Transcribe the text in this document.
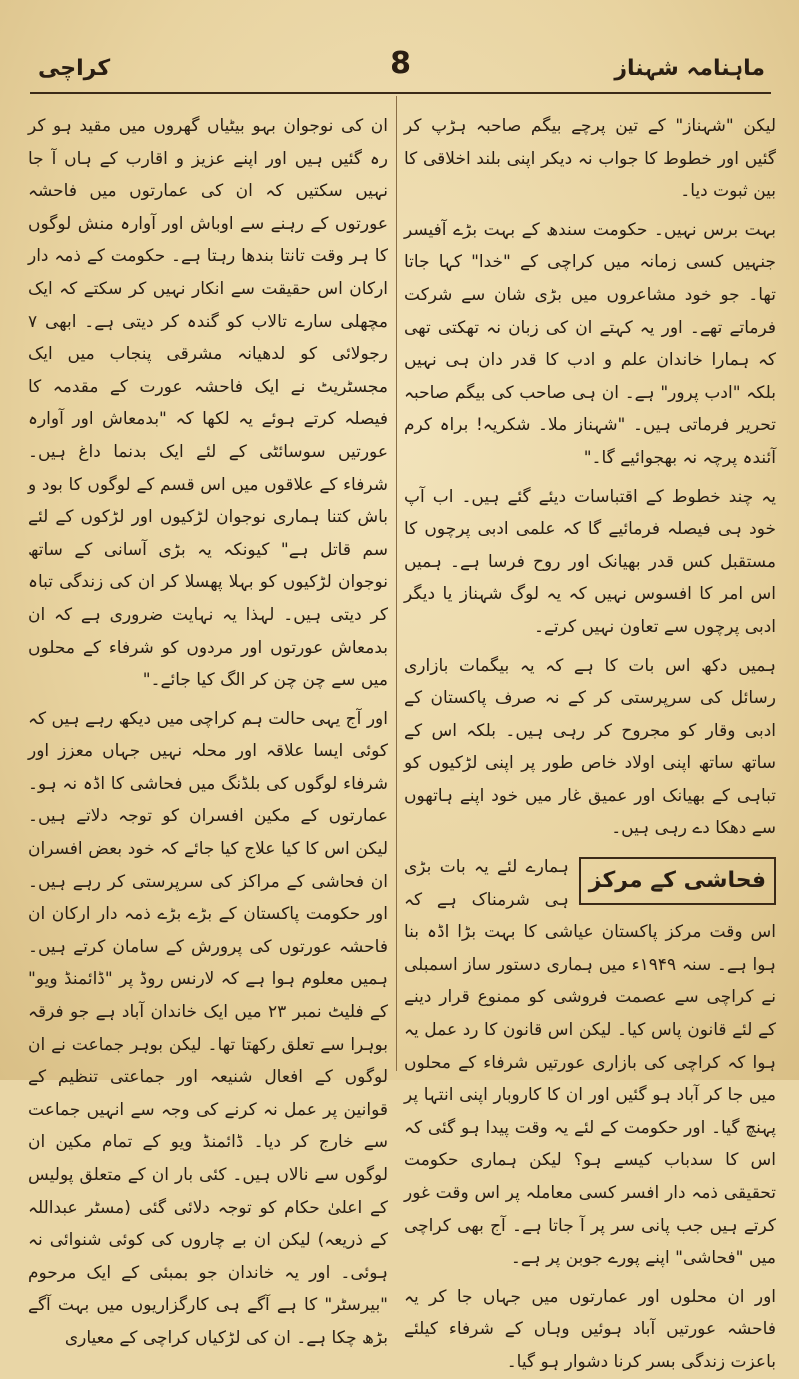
ماہنامہ شہناز
8
کراچی

لیکن "شہناز" کے تین پرچے بیگم صاحبہ ہڑپ کر گئیں اور خطوط کا جواب نہ دیکر اپنی بلند اخلاقی کا بین ثبوت دیا۔

بہت برس نہیں۔ حکومت سندھ کے بہت بڑے آفیسر جنہیں کسی زمانہ میں کراچی کے "خدا" کہا جاتا تھا۔ جو خود مشاعروں میں بڑی شان سے شرکت فرماتے تھے۔ اور یہ کہتے ان کی زبان نہ تھکتی تھی کہ ہمارا خاندان علم و ادب کا قدر دان ہی نہیں بلکہ "ادب پرور" ہے۔ ان ہی صاحب کی بیگم صاحبہ تحریر فرماتی ہیں۔ "شہناز ملا۔ شکریہ! براہ کرم آئندہ پرچہ نہ بھجوائیے گا۔"

یہ چند خطوط کے اقتباسات دیئے گئے ہیں۔ اب آپ خود ہی فیصلہ فرمائیے گا کہ علمی ادبی پرچوں کا مستقبل کس قدر بھیانک اور روح فرسا ہے۔ ہمیں اس امر کا افسوس نہیں کہ یہ لوگ شہناز یا دیگر ادبی پرچوں سے تعاون نہیں کرتے۔

ہمیں دکھ اس بات کا ہے کہ یہ بیگمات بازاری رسائل کی سرپرستی کر کے نہ صرف پاکستان کے ادبی وقار کو مجروح کر رہی ہیں۔ بلکہ اس کے ساتھ ساتھ اپنی اولاد خاص طور پر اپنی لڑکیوں کو تباہی کے بھیانک اور عمیق غار میں خود اپنے ہاتھوں سے دھکا دے رہی ہیں۔

فحاشی کے مرکز

ہمارے لئے یہ بات بڑی ہی شرمناک ہے کہ اس وقت مرکز پاکستان عیاشی کا بہت بڑا اڈہ بنا ہوا ہے۔ سنہ ۱۹۴۹ء میں ہماری دستور ساز اسمبلی نے کراچی سے عصمت فروشی کو ممنوع قرار دینے کے لئے قانون پاس کیا۔ لیکن اس قانون کا رد عمل یہ ہوا کہ کراچی کی بازاری عورتیں شرفاء کے محلوں میں جا کر آباد ہو گئیں اور ان کا کاروبار اپنی انتہا پر پہنچ گیا۔ اور حکومت کے لئے یہ وقت پیدا ہو گئی کہ اس کا سدباب کیسے ہو؟ لیکن ہماری حکومت تحقیقی ذمہ دار افسر کسی معاملہ پر اس وقت غور کرتے ہیں جب پانی سر پر آ جاتا ہے۔ آج بھی کراچی میں "فحاشی" اپنے پورے جوبن پر ہے۔

اور ان محلوں اور عمارتوں میں جہاں جا کر یہ فاحشہ عورتیں آباد ہوئیں وہاں کے شرفاء کیلئے باعزت زندگی بسر کرنا دشوار ہو گیا۔

ان کی نوجوان بہو بیٹیاں گھروں میں مقید ہو کر رہ گئیں ہیں اور اپنے عزیز و اقارب کے ہاں آ جا نہیں سکتیں کہ ان کی عمارتوں میں فاحشہ عورتوں کے رہنے سے اوباش اور آوارہ منش لوگوں کا ہر وقت تانتا بندھا رہتا ہے۔ حکومت کے ذمہ دار ارکان اس حقیقت سے انکار نہیں کر سکتے کہ ایک مچھلی سارے تالاب کو گندہ کر دیتی ہے۔ ابھی ۷ رجولائی کو لدھیانہ مشرقی پنجاب میں ایک مجسٹریٹ نے ایک فاحشہ عورت کے مقدمہ کا فیصلہ کرتے ہوئے یہ لکھا کہ "بدمعاش اور آوارہ عورتیں سوسائٹی کے لئے ایک بدنما داغ ہیں۔ شرفاء کے علاقوں میں اس قسم کے لوگوں کا بود و باش کتنا ہماری نوجوان لڑکیوں اور لڑکوں کے لئے سم قاتل ہے" کیونکہ یہ بڑی آسانی کے ساتھ نوجوان لڑکیوں کو بہلا پھسلا کر ان کی زندگی تباہ کر دیتی ہیں۔ لہذا یہ نہایت ضروری ہے کہ ان بدمعاش عورتوں اور مردوں کو شرفاء کے محلوں میں سے چن چن کر الگ کیا جائے۔"

اور آج یہی حالت ہم کراچی میں دیکھ رہے ہیں کہ کوئی ایسا علاقہ اور محلہ نہیں جہاں معزز اور شرفاء لوگوں کی بلڈنگ میں فحاشی کا اڈہ نہ ہو۔ عمارتوں کے مکین افسران کو توجہ دلاتے ہیں۔ لیکن اس کا کیا علاج کیا جائے کہ خود بعض افسران ان فحاشی کے مراکز کی سرپرستی کر رہے ہیں۔ اور حکومت پاکستان کے بڑے بڑے ذمہ دار ارکان ان فاحشہ عورتوں کی پرورش کے سامان کرتے ہیں۔ ہمیں معلوم ہوا ہے کہ لارنس روڈ پر "ڈائمنڈ ویو" کے فلیٹ نمبر ۲۳ میں ایک خاندان آباد ہے جو فرقہ بوہرا سے تعلق رکھتا تھا۔ لیکن بوہر جماعت نے ان لوگوں کے افعال شنیعہ اور جماعتی تنظیم کے قوانین پر عمل نہ کرنے کی وجہ سے انہیں جماعت سے خارج کر دیا۔ ڈائمنڈ ویو کے تمام مکین ان لوگوں سے نالاں ہیں۔ کئی بار ان کے متعلق پولیس کے اعلیٰ حکام کو توجہ دلائی گئی (مسٹر عبداللہ کے ذریعہ) لیکن ان بے چاروں کی کوئی شنوائی نہ ہوئی۔ اور یہ خاندان جو بمبئی کے ایک مرحوم "بیرسٹر" کا ہے آگے ہی کارگزاریوں میں بہت آگے بڑھ چکا ہے۔ ان کی لڑکیاں کراچی کے معیاری
